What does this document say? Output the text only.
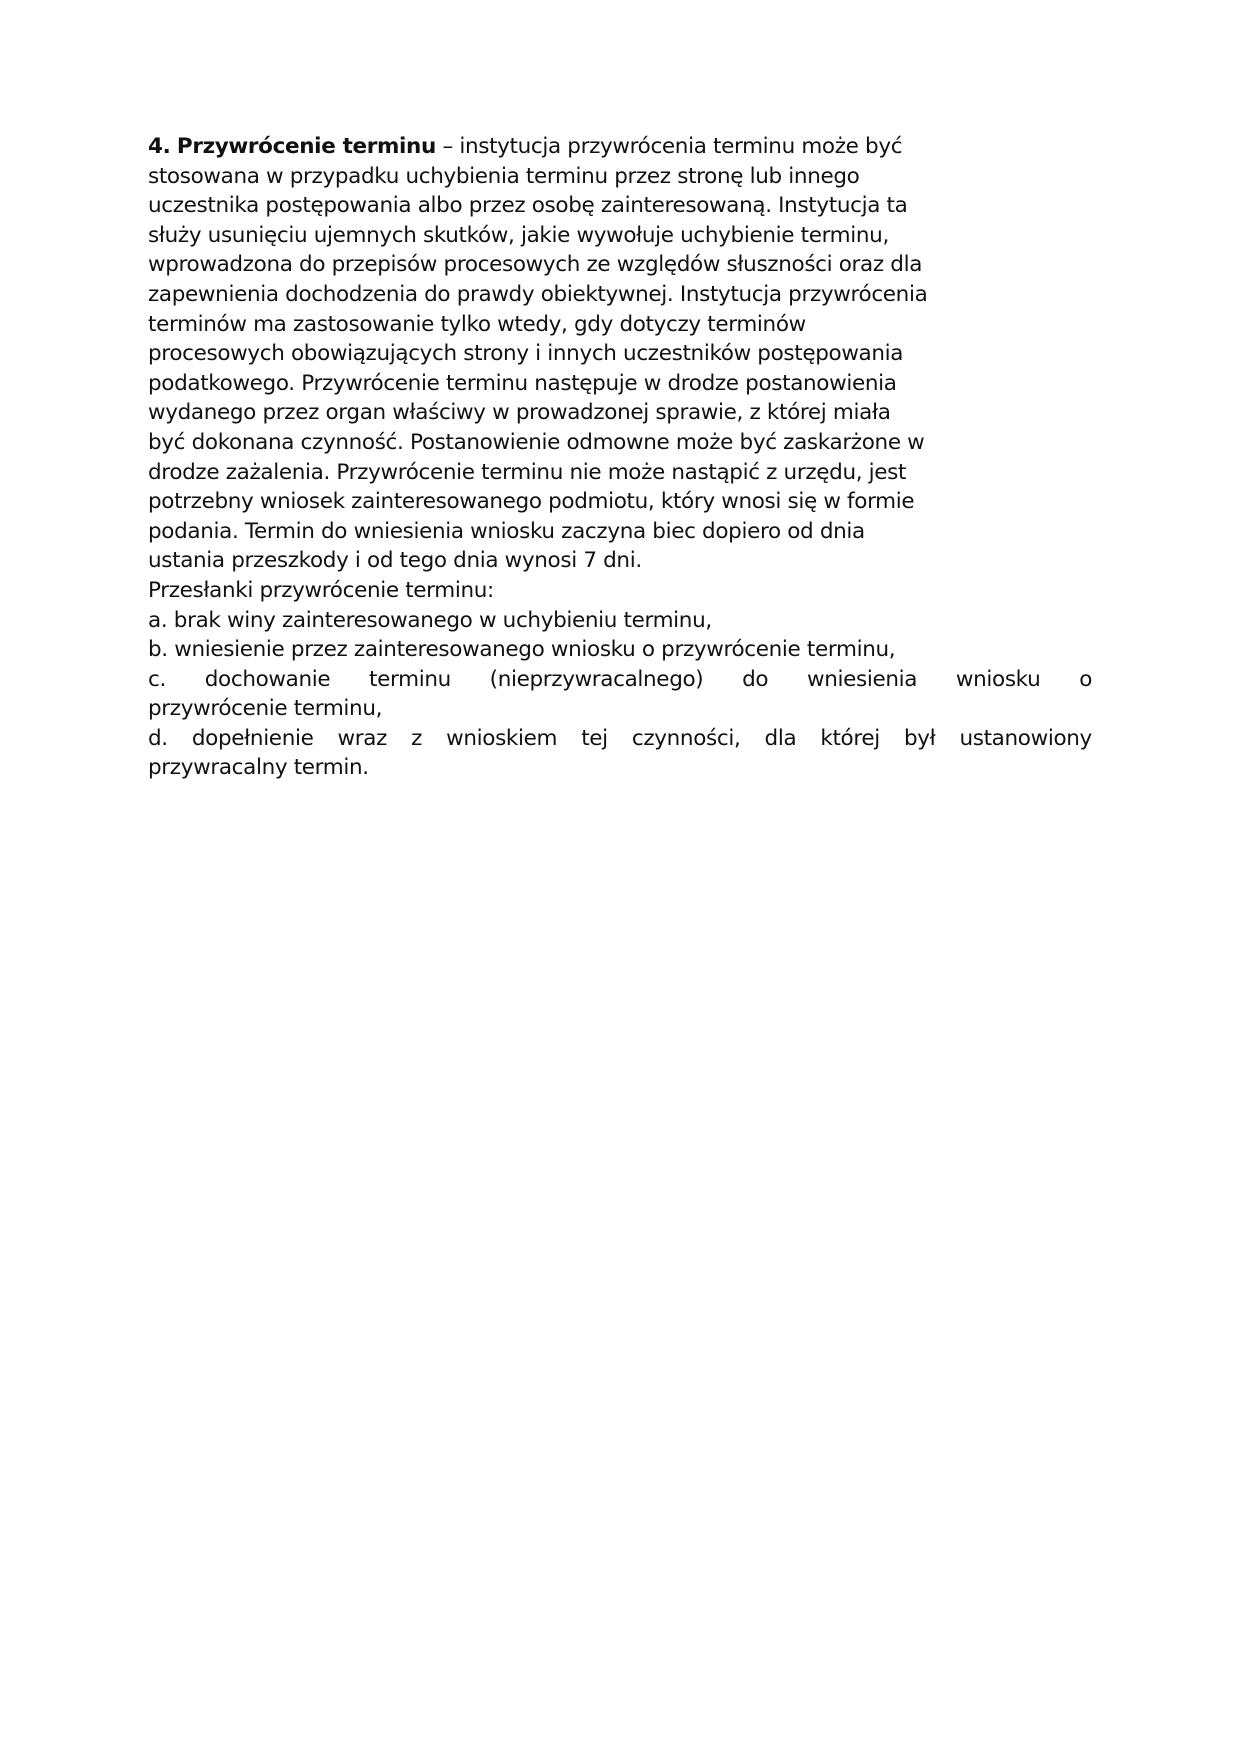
4. Przywrócenie terminu – instytucja przywrócenia terminu może być
stosowana w przypadku uchybienia terminu przez stronę lub innego
uczestnika postępowania albo przez osobę zainteresowaną. Instytucja ta
służy usunięciu ujemnych skutków, jakie wywołuje uchybienie terminu,
wprowadzona do przepisów procesowych ze względów słuszności oraz dla
zapewnienia dochodzenia do prawdy obiektywnej. Instytucja przywrócenia
terminów ma zastosowanie tylko wtedy, gdy dotyczy terminów
procesowych obowiązujących strony i innych uczestników postępowania
podatkowego. Przywrócenie terminu następuje w drodze postanowienia
wydanego przez organ właściwy w prowadzonej sprawie, z której miała
być dokonana czynność. Postanowienie odmowne może być zaskarżone w
drodze zażalenia. Przywrócenie terminu nie może nastąpić z urzędu, jest
potrzebny wniosek zainteresowanego podmiotu, który wnosi się w formie
podania. Termin do wniesienia wniosku zaczyna biec dopiero od dnia
ustania przeszkody i od tego dnia wynosi 7 dni.
Przesłanki przywrócenie terminu:
a. brak winy zainteresowanego w uchybieniu terminu,
b. wniesienie przez zainteresowanego wniosku o przywrócenie terminu,
c. dochowanie terminu (nieprzywracalnego) do wniesienia wniosku o
przywrócenie terminu,
d. dopełnienie wraz z wnioskiem tej czynności, dla której był ustanowiony
przywracalny termin.
